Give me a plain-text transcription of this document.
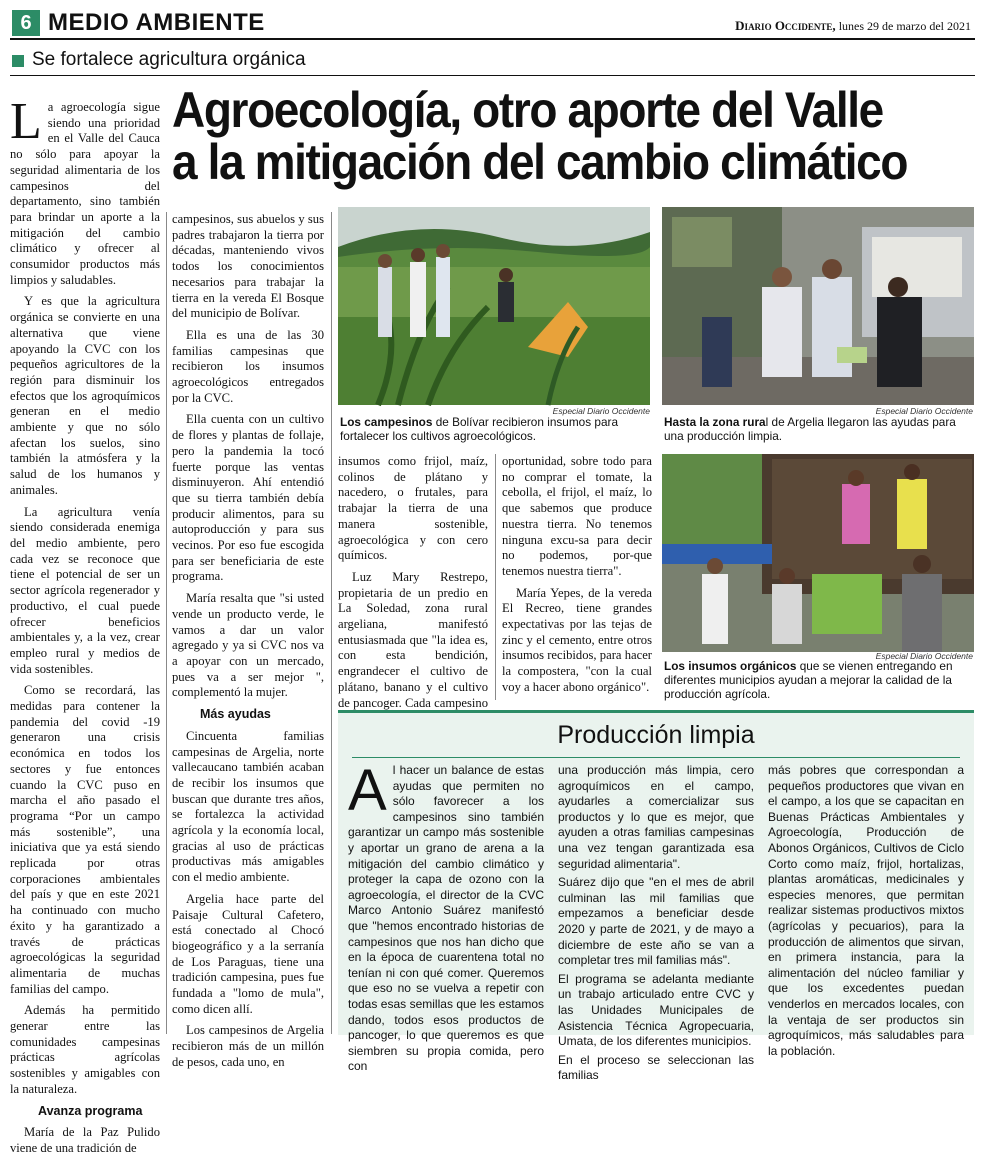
6 MEDIO AMBIENTE	Diario Occidente, lunes 29 de marzo del 2021
Se fortalece agricultura orgánica
Agroecología, otro aporte del Valle a la mitigación del cambio climático

La agroecología sigue siendo una prioridad en el Valle del Cauca no sólo para apoyar la seguridad alimentaria de los campesinos del departamento, sino también para brindar un aporte a la mitigación del cambio climático y ofrecer al consumidor productos más limpios y saludables.

Y es que la agricultura orgánica se convierte en una alternativa que viene apoyando la CVC con los pequeños agricultores de la región para disminuir los efectos que los agroquímicos generan en el medio ambiente y que no sólo afectan los suelos, sino también la atmósfera y la salud de los humanos y animales.

La agricultura venía siendo considerada enemiga del medio ambiente, pero cada vez se reconoce que tiene el potencial de ser un sector agrícola regenerador y productivo, el cual puede ofrecer beneficios ambientales y, a la vez, crear empleo rural y medios de vida sostenibles.

Como se recordará, las medidas para contener la pandemia del covid -19 generaron una crisis económica en todos los sectores y fue entonces cuando la CVC puso en marcha el año pasado el programa “Por un campo más sostenible”, una iniciativa que ya está siendo replicada por otras corporaciones ambientales del país y que en este 2021 ha continuado con mucho éxito y ha garantizado a través de prácticas agroecológicas la seguridad alimentaria de muchas familias del campo.

Además ha permitido generar entre las comunidades campesinas prácticas agrícolas sostenibles y amigables con la naturaleza.

Avanza programa

María de la Paz Pulido viene de una tradición de

campesinos, sus abuelos y sus padres trabajaron la tierra por décadas, manteniendo vivos todos los conocimientos necesarios para trabajar la tierra en la vereda El Bosque del municipio de Bolívar.

Ella es una de las 30 familias campesinas que recibieron los insumos agroecológicos entregados por la CVC.

Ella cuenta con un cultivo de flores y plantas de follaje, pero la pandemia la tocó fuerte porque las ventas disminuyeron. Ahí entendió que su tierra también debía producir alimentos, para su autoproducción y para sus vecinos. Por eso fue escogida para ser beneficiaria de este programa.

María resalta que "si usted vende un producto verde, le vamos a dar un valor agregado y ya si CVC nos va a apoyar con un mercado, pues va a ser mejor ", complementó la mujer.

Más ayudas

Cincuenta familias campesinas de Argelia, norte vallecaucano también acaban de recibir los insumos que buscan que durante tres años, se fortalezca la actividad agrícola y la economía local, gracias al uso de prácticas productivas más amigables con el medio ambiente.

Argelia hace parte del Paisaje Cultural Cafetero, está conectado al Chocó biogeográfico y a la serranía de Los Paraguas, tiene una tradición campesina, pues fue fundada a "lomo de mula", como dicen allí.

Los campesinos de Argelia recibieron más de un millón de pesos, cada uno, en

Especial Diario Occidente
Los campesinos de Bolívar recibieron insumos para fortalecer los cultivos agroecológicos.
Especial Diario Occidente
Hasta la zona rural de Argelia llegaron las ayudas para una producción limpia.

insumos como frijol, maíz, colinos de plátano y nacedero, o frutales, para trabajar la tierra de una manera sostenible, agroecológica y con cero químicos.

Luz Mary Restrepo, propietaria de un predio en La Soledad, zona rural argeliana, manifestó entusiasmada que "la idea es, con esta bendición, engrandecer el cultivo de plátano, banano y el cultivo de pancoger. Cada campesino

oportunidad, sobre todo para no comprar el tomate, la cebolla, el frijol, el maíz, lo que sabemos que produce nuestra tierra. No tenemos ninguna excu-sa para decir no podemos, por-que tenemos nuestra tierra".

María Yepes, de la vereda El Recreo, tiene grandes expectativas por las tejas de zinc y el cemento, entre otros insumos recibidos, para hacer la compostera, "con la cual voy a hacer abono orgánico".

Especial Diario Occidente
Los insumos orgánicos que se vienen entregando en diferentes municipios ayudan a mejorar la calidad de la producción agrícola.
Producción limpia

Al hacer un balance de estas ayudas que permiten no sólo favorecer a los campesinos sino también garantizar un campo más sostenible y aportar un grano de arena a la mitigación del cambio climático y proteger la capa de ozono con la agroecología, el director de la CVC Marco Antonio Suárez manifestó que "hemos encontrado historias de campesinos que nos han dicho que en la época de cuarentena total no tenían ni con qué comer. Queremos que eso no se vuelva a repetir con todas esas semillas que les estamos dando, todos esos productos de pancoger, lo que queremos es que siembren su propia comida, pero con

una producción más limpia, cero agroquímicos en el campo, ayudarles a comercializar sus productos y lo que es mejor, que ayuden a otras familias campesinas una vez tengan garantizada esa seguridad alimentaria".

Suárez dijo que "en el mes de abril culminan las mil familias que empezamos a beneficiar desde 2020 y parte de 2021, y de mayo a diciembre de este año se van a completar tres mil familias más".

El programa se adelanta mediante un trabajo articulado entre CVC y las Unidades Municipales de Asistencia Técnica Agropecuaria, Umata, de los diferentes municipios.

En el proceso se seleccionan las familias

más pobres que correspondan a pequeños productores que vivan en el campo, a los que se capacitan en Buenas Prácticas Ambientales y Agroecología, Producción de Abonos Orgánicos, Cultivos de Ciclo Corto como maíz, frijol, hortalizas, plantas aromáticas, medicinales y especies menores, que permitan realizar sistemas productivos mixtos (agrícolas y pecuarios), para la producción de alimentos que sirvan, en primera instancia, para la alimentación del núcleo familiar y que los excedentes puedan venderlos en mercados locales, con la ventaja de ser productos sin agroquímicos, más saludables para la población.
